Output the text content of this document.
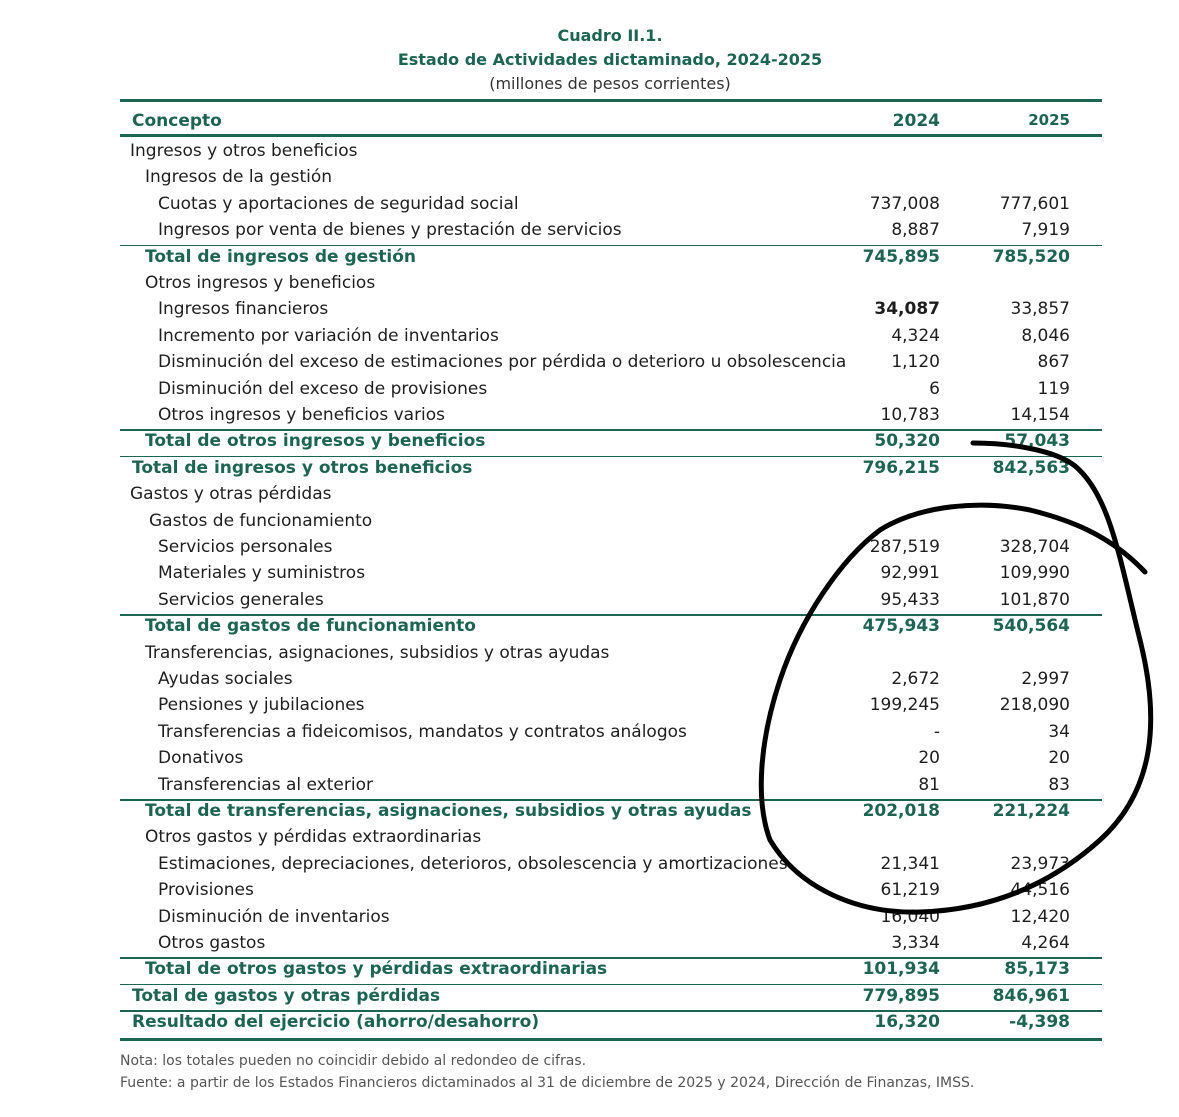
Cuadro II.1.
Estado de Actividades dictaminado, 2024-2025
(millones de pesos corrientes)
Concepto	2024	2025
Ingresos y otros beneficios
Ingresos de la gestión
Cuotas y aportaciones de seguridad social	737,008	777,601
Ingresos por venta de bienes y prestación de servicios	8,887	7,919
Total de ingresos de gestión	745,895	785,520
Otros ingresos y beneficios
Ingresos financieros	34,087	33,857
Incremento por variación de inventarios	4,324	8,046
Disminución del exceso de estimaciones por pérdida o deterioro u obsolescencia	1,120	867
Disminución del exceso de provisiones	6	119
Otros ingresos y beneficios varios	10,783	14,154
Total de otros ingresos y beneficios	50,320	57,043
Total de ingresos y otros beneficios	796,215	842,563
Gastos y otras pérdidas
Gastos de funcionamiento
Servicios personales	287,519	328,704
Materiales y suministros	92,991	109,990
Servicios generales	95,433	101,870
Total de gastos de funcionamiento	475,943	540,564
Transferencias, asignaciones, subsidios y otras ayudas
Ayudas sociales	2,672	2,997
Pensiones y jubilaciones	199,245	218,090
Transferencias a fideicomisos, mandatos y contratos análogos	-	34
Donativos	20	20
Transferencias al exterior	81	83
Total de transferencias, asignaciones, subsidios y otras ayudas	202,018	221,224
Otros gastos y pérdidas extraordinarias
Estimaciones, depreciaciones, deterioros, obsolescencia y amortizaciones	21,341	23,973
Provisiones	61,219	44,516
Disminución de inventarios	16,040	12,420
Otros gastos	3,334	4,264
Total de otros gastos y pérdidas extraordinarias	101,934	85,173
Total de gastos y otras pérdidas	779,895	846,961
Resultado del ejercicio (ahorro/desahorro)	16,320	-4,398
Nota: los totales pueden no coincidir debido al redondeo de cifras.
Fuente: a partir de los Estados Financieros dictaminados al 31 de diciembre de 2025 y 2024, Dirección de Finanzas, IMSS.
